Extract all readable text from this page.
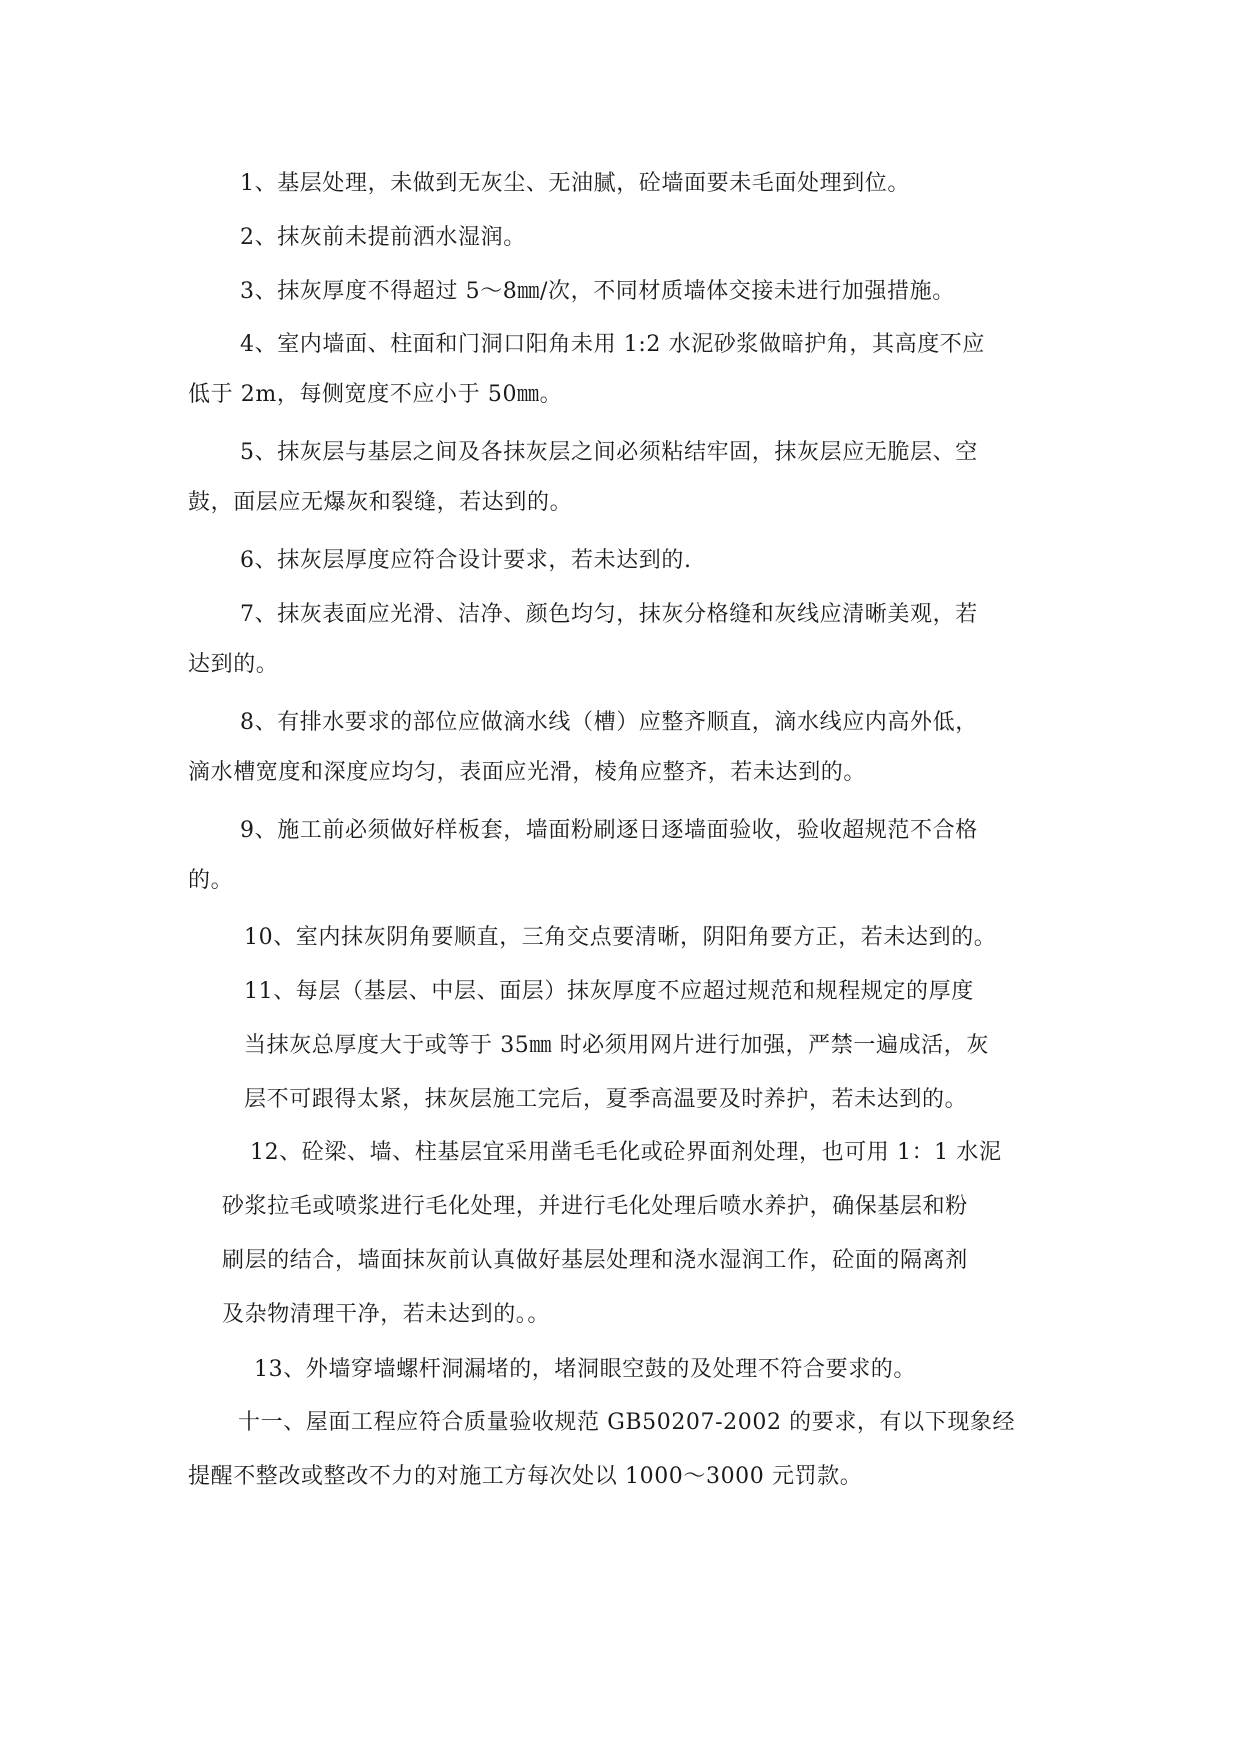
1、基层处理，未做到无灰尘、无油腻，砼墙面要未毛面处理到位。
2、抹灰前未提前洒水湿润。
3、抹灰厚度不得超过 5～8㎜/次，不同材质墙体交接未进行加强措施。
4、室内墙面、柱面和门洞口阳角未用 1:2 水泥砂浆做暗护角，其高度不应
低于 2m，每侧宽度不应小于 50㎜。
5、抹灰层与基层之间及各抹灰层之间必须粘结牢固，抹灰层应无脆层、空
鼓，面层应无爆灰和裂缝，若达到的。
6、抹灰层厚度应符合设计要求，若未达到的.
7、抹灰表面应光滑、洁净、颜色均匀，抹灰分格缝和灰线应清晰美观，若
达到的。
8、有排水要求的部位应做滴水线（槽）应整齐顺直，滴水线应内高外低，
滴水槽宽度和深度应均匀，表面应光滑，棱角应整齐，若未达到的。
9、施工前必须做好样板套，墙面粉刷逐日逐墙面验收，验收超规范不合格
的。
10、室内抹灰阴角要顺直，三角交点要清晰，阴阳角要方正，若未达到的。
11、每层（基层、中层、面层）抹灰厚度不应超过规范和规程规定的厚度
当抹灰总厚度大于或等于 35㎜ 时必须用网片进行加强，严禁一遍成活，灰
层不可跟得太紧，抹灰层施工完后，夏季高温要及时养护，若未达到的。
12、砼梁、墙、柱基层宜采用凿毛毛化或砼界面剂处理，也可用 1：1 水泥
砂浆拉毛或喷浆进行毛化处理，并进行毛化处理后喷水养护，确保基层和粉
刷层的结合，墙面抹灰前认真做好基层处理和浇水湿润工作，砼面的隔离剂
及杂物清理干净，若未达到的。。
13、外墙穿墙螺杆洞漏堵的，堵洞眼空鼓的及处理不符合要求的。
十一、屋面工程应符合质量验收规范 GB50207-2002 的要求，有以下现象经
提醒不整改或整改不力的对施工方每次处以 1000～3000 元罚款。
